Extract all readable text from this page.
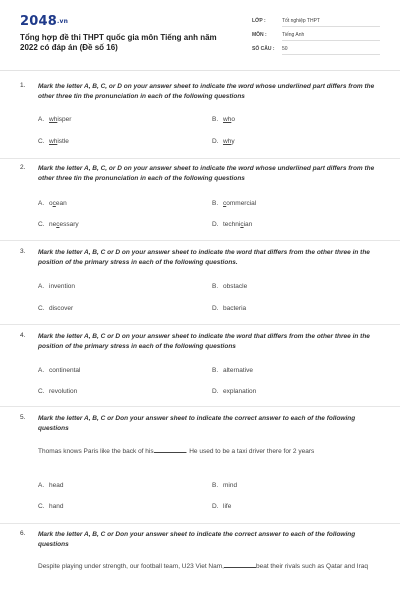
2048.vn
Tổng hợp đề thi THPT quốc gia môn Tiếng anh năm 2022 có đáp án (Đề số 16)
LỚP :	Tốt nghiệp THPT
MÔN :	Tiếng Anh
SỐ CÂU : 50
1. Mark the letter A, B, C, or D on your answer sheet to indicate the word whose underlined part differs from the other three tin the pronunciation in each of the following questions
A. whisper	B. who
C. whistle	D. why
2. Mark the letter A, B, C, or D on your answer sheet to indicate the word whose underlined part differs from the other three tin the pronunciation in each of the following questions
A. ocean	B. commercial
C. necessary	D. technician
3. Mark the letter A, B, C or D on your answer sheet to indicate the word that differs from the other three in the position of the primary stress in each of the following questions.
A. invention	B. obstacle
C. discover	D. bacteria
4. Mark the letter A, B, C or D on your answer sheet to indicate the word that differs from the other three in the position of the primary stress in each of the following questions
A. continental	B. alternative
C. revolution	D. explanation
5. Mark the letter A, B, C or Don your answer sheet to indicate the correct answer to each of the following questions
Thomas knows Paris like the back of his	. He used to be a taxi driver there for 2 years
A. head	B. mind
C. hand	D. life
6. Mark the letter A, B, C or Don your answer sheet to indicate the correct answer to each of the following questions
Despite playing under strength, our football team, U23 Viet Nam,	beat their rivals such as Qatar and Iraq
